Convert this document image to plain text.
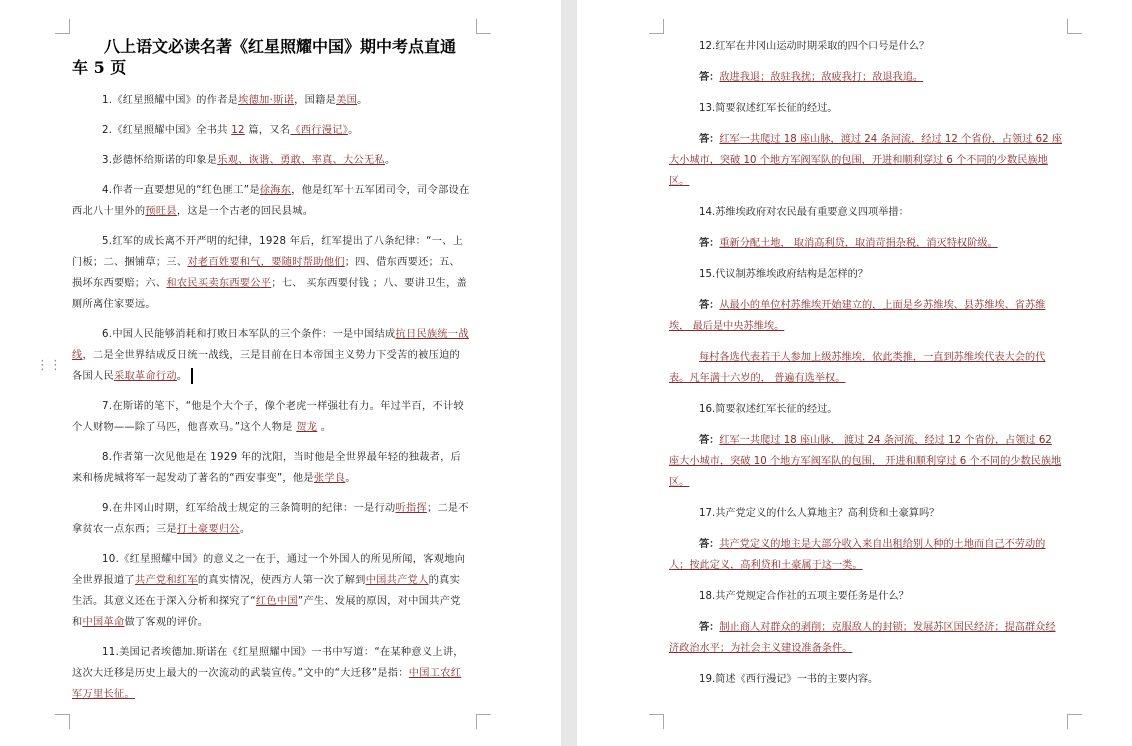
⋮⋮
八上语文必读名著《红星照耀中国》期中考点直通车 5 页

1.《红星照耀中国》的作者是埃德加·斯诺，国籍是美国。

2.《红星照耀中国》全书共 12 篇，又名《西行漫记》。

3.彭德怀给斯诺的印象是乐观、诙谐、勇敢、率真、大公无私。

4.作者一直要想见的“红色匪工”是徐海东，他是红军十五军团司令，司令部设在西北八十里外的预旺县，这是一个古老的回民县城。

5.红军的成长离不开严明的纪律，1928 年后，红军提出了八条纪律：“一、上门板；二、捆铺草；三、对老百姓要和气，要随时帮助他们；四、借东西要还；五、损坏东西要赔；六、和农民买卖东西要公平；七、 买东西要付钱 ；八、要讲卫生，盖厕所离住家要远。

6.中国人民能够消耗和打败日本军队的三个条件：一是中国结成抗日民族统一战线，二是全世界结成反日统一战线，三是目前在日本帝国主义势力下受苦的被压迫的各国人民采取革命行动。

7.在斯诺的笔下，“他是个大个子，像个老虎一样强壮有力。年过半百，不计较个人财物——除了马匹，他喜欢马。”这个人物是 贺龙 。

8.作者第一次见他是在 1929 年的沈阳，当时他是全世界最年轻的独裁者，后来和杨虎城将军一起发动了著名的“西安事变”，他是张学良。

9.在井冈山时期，红军给战士规定的三条简明的纪律：一是行动听指挥；二是不拿贫农一点东西；三是打土豪要归公。

10.《红星照耀中国》的意义之一在于，通过一个外国人的所见所闻，客观地向全世界报道了共产党和红军的真实情况，使西方人第一次了解到中国共产党人的真实生活。其意义还在于深入分析和探究了“红色中国”产生、发展的原因，对中国共产党和中国革命做了客观的评价。

11.美国记者埃德加.斯诺在《红星照耀中国》一书中写道：“在某种意义上讲，这次大迁移是历史上最大的一次流动的武装宣传。”文中的“大迁移”是指：中国工农红军万里长征。

12.红军在井冈山运动时期采取的四个口号是什么？

答：敌进我退；敌驻我扰；敌疲我打；敌退我追。

13.简要叙述红军长征的经过。

答：红军一共爬过 18 座山脉，渡过 24 条河流，经过 12 个省份，占领过 62 座大小城市，突破 10 个地方军阀军队的包围，开进和顺利穿过 6 个不同的少数民族地区。

14.苏维埃政府对农民最有重要意义四项举措：

答：重新分配土地， 取消高利贷，取消苛捐杂税，消灭特权阶级。

15.代议制苏维埃政府结构是怎样的？

答：从最小的单位村苏维埃开始建立的，上面是乡苏维埃、县苏维埃、省苏维埃， 最后是中央苏维埃。

每村各选代表若干人参加上级苏维埃，依此类推，一直到苏维埃代表大会的代表。凡年满十六岁的， 普遍有选举权。

16.简要叙述红军长征的经过。

答：红军一共爬过 18 座山脉， 渡过 24 条河流，经过 12 个省份，占领过 62 座大小城市，突破 10 个地方军阀军队的包围， 开进和顺利穿过 6 个不同的少数民族地区。

17.共产党定义的什么人算地主？高利贷和土豪算吗？

答：共产党定义的地主是大部分收入来自出租给别人种的土地而自己不劳动的人；按此定义，高利贷和土豪属于这一类。

18.共产党规定合作社的五项主要任务是什么？

答：制止商人对群众的剥削；克服敌人的封锁；发展苏区国民经济；提高群众经济政治水平；为社会主义建设准备条件。

19.简述《西行漫记》一书的主要内容。
